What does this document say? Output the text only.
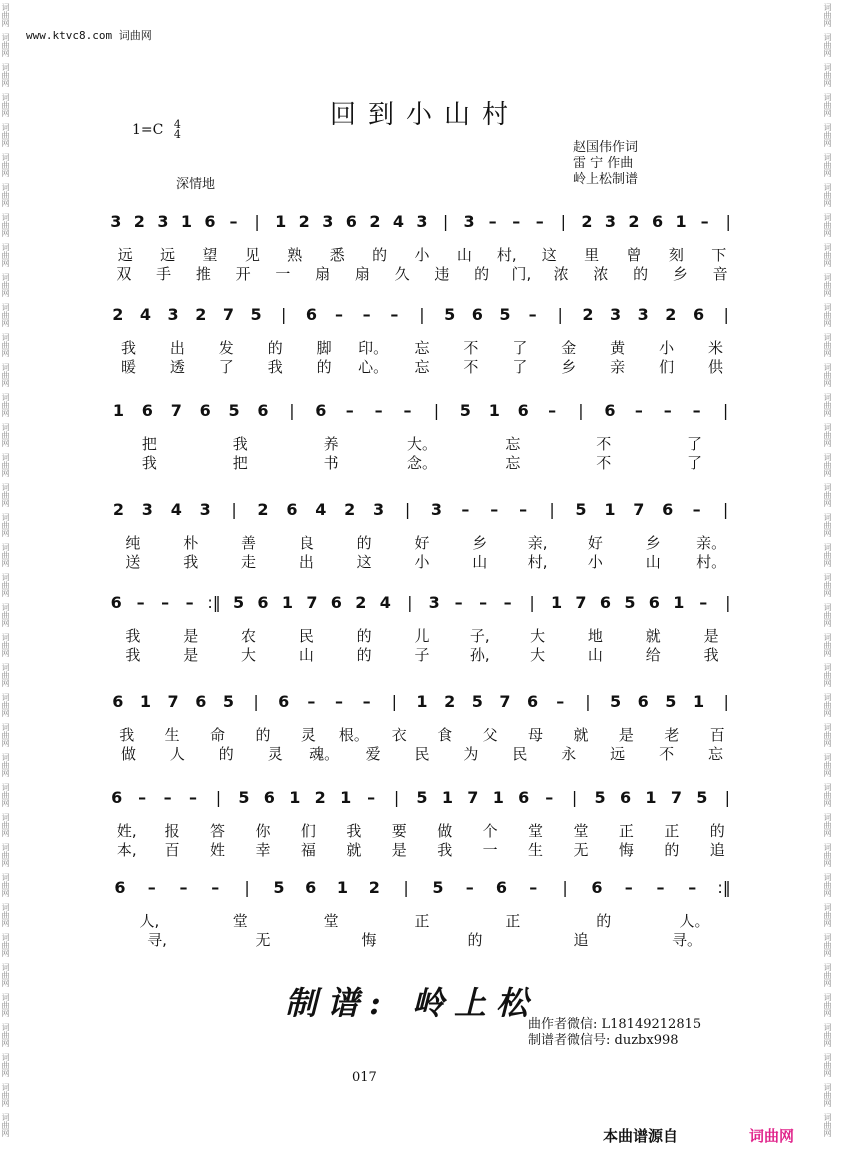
词曲网
词曲网
词曲网
词曲网
词曲网
词曲网
词曲网
词曲网
词曲网
词曲网
词曲网
词曲网
词曲网
词曲网
词曲网
词曲网
词曲网
词曲网
词曲网
词曲网
词曲网
词曲网
词曲网
词曲网
词曲网
词曲网
词曲网
词曲网
词曲网
词曲网
词曲网
词曲网
词曲网
词曲网
词曲网
词曲网
词曲网
词曲网
词曲网
词曲网
词曲网
词曲网
词曲网
词曲网
词曲网
词曲网
词曲网
词曲网
词曲网
词曲网
词曲网
词曲网
词曲网
词曲网
词曲网
词曲网
词曲网
词曲网
词曲网
词曲网
词曲网
词曲网
词曲网
词曲网
词曲网
词曲网
词曲网
词曲网
词曲网
词曲网
词曲网
词曲网
词曲网
词曲网
词曲网
词曲网
www.ktvc8.com 词曲网
回到小山村
1=C 4
4
深情地
赵国伟作词
雷 宁 作曲
岭上松制谱
3 2 3 1 6 –	| 1 2 3 6 2 4 3 | 3 – – –	| 2 3 2 6 1 –	|
远	远	望	见	熟	悉	的	小	山	村,	这	里	曾	刻	下
双	手	推	开	一	扇	扇	久	违	的	门,	浓	浓	的	乡	音
2	4	3	2	7	5	|	6	–	–	–	|	5	6	5	–	|	2	3	3	2	6	|
我	出	发	的	脚	印。	忘	不	了	金	黄	小	米
暖	透	了	我	的	心。	忘	不	了	乡	亲	们	供
1	6	7	6	5	6	|	6	–	–	–	|	5	1	6	–	|	6	–	–	–	|
把	我	养	大。	忘	不	了
我	把	书	念。	忘	不	了
2	3	4	3	|	2	6	4	2	3	|	3	–	–	–	|	5	1	7	6	–	|
纯	朴	善	良	的	好	乡	亲,	好	乡	亲。
送	我	走	出	这	小	山	村,	小	山	村。
6 –	–	– :‖ 5 6 1 7 6 2 4	|	3 –	–	–	|	1 7 6 5 6 1 –	|
我	是	农	民	的	儿	子,	大	地	就	是
我	是	大	山	的	子	孙,	大	山	给	我
6	1	7	6	5	|	6	–	–	–	|	1	2	5	7	6	–	|	5	6	5	1	|
我	生	命	的	灵	根。	衣	食	父	母	就	是	老	百
做	人	的	灵	魂。	爱	民	为	民	永	远	不	忘
6 –	–	–	|	5 6 1 2 1 –	|	5 1 7 1 6 –	|	5 6 1 7 5	|
姓,	报	答	你	们	我	要	做	个	堂	堂	正	正	的
本,	百	姓	幸	福	就	是	我	一	生	无	悔	的	追
6	–	–	–	|	5	6	1	2	|	5	–	6	–	|	6	–	–	–	:‖
人,	堂	堂	正	正	的	人。
寻,	无	悔	的	追	寻。
制谱: 岭上松
曲作者微信: L18149212815
制谱者微信号: duzbx998
017
本曲谱源自	词曲网
